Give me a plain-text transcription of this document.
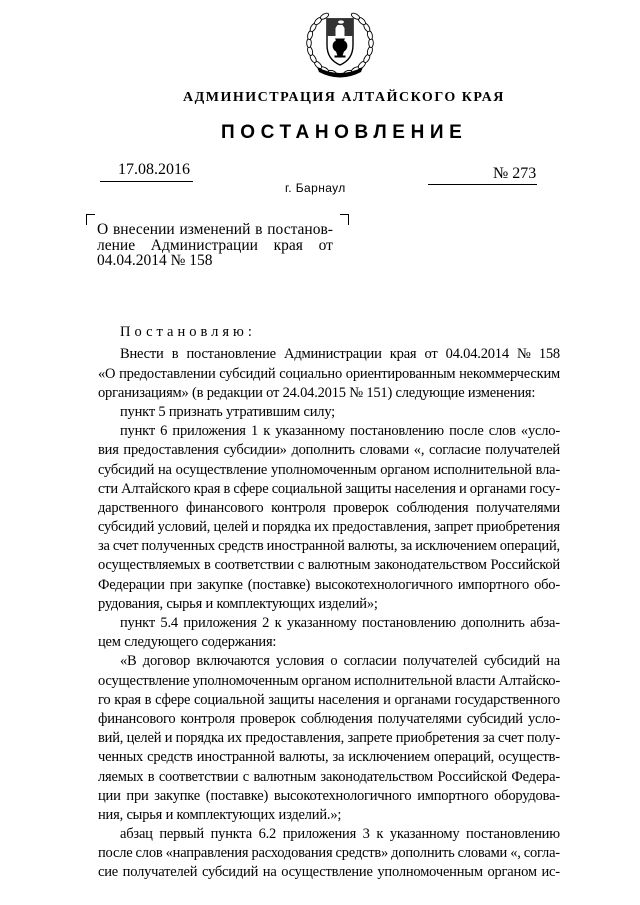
АДМИНИСТРАЦИЯ АЛТАЙСКОГО КРАЯ
ПОСТАНОВЛЕНИЕ
17.08.2016
г. Барнаул
№ 273
О внесении изменений в постанов-
ление Администрации края от
04.04.2014 № 158
Постановляю:
Внести в постановление Администрации края от 04.04.2014 № 158
«О предоставлении субсидий социально ориентированным некоммерческим
организациям» (в редакции от 24.04.2015 № 151) следующие изменения:
пункт 5 признать утратившим силу;
пункт 6 приложения 1 к указанному постановлению после слов «усло-
вия предоставления субсидии» дополнить словами «, согласие получателей
субсидий на осуществление уполномоченным органом исполнительной вла-
сти Алтайского края в сфере социальной защиты населения и органами госу-
дарственного финансового контроля проверок соблюдения получателями
субсидий условий, целей и порядка их предоставления, запрет приобретения
за счет полученных средств иностранной валюты, за исключением операций,
осуществляемых в соответствии с валютным законодательством Российской
Федерации при закупке (поставке) высокотехнологичного импортного обо-
рудования, сырья и комплектующих изделий»;
пункт 5.4 приложения 2 к указанному постановлению дополнить абза-
цем следующего содержания:
«В договор включаются условия о согласии получателей субсидий на
осуществление уполномоченным органом исполнительной власти Алтайско-
го края в сфере социальной защиты населения и органами государственного
финансового контроля проверок соблюдения получателями субсидий усло-
вий, целей и порядка их предоставления, запрете приобретения за счет полу-
ченных средств иностранной валюты, за исключением операций, осуществ-
ляемых в соответствии с валютным законодательством Российской Федера-
ции при закупке (поставке) высокотехнологичного импортного оборудова-
ния, сырья и комплектующих изделий.»;
абзац первый пункта 6.2 приложения 3 к указанному постановлению
после слов «направления расходования средств» дополнить словами «, согла-
сие получателей субсидий на осуществление уполномоченным органом ис-
